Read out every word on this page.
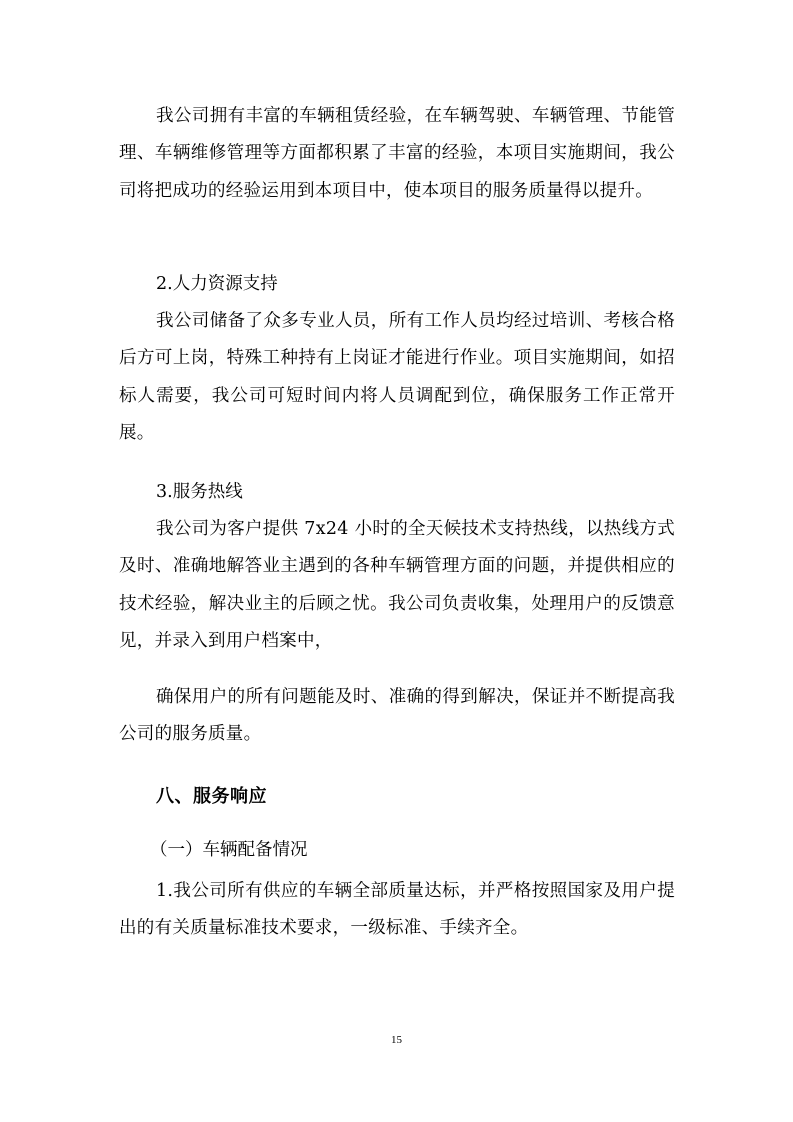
我公司拥有丰富的车辆租赁经验，在车辆驾驶、车辆管理、节能管理、车辆维修管理等方面都积累了丰富的经验，本项目实施期间，我公司将把成功的经验运用到本项目中，使本项目的服务质量得以提升。

2.人力资源支持

我公司储备了众多专业人员，所有工作人员均经过培训、考核合格后方可上岗，特殊工种持有上岗证才能进行作业。项目实施期间，如招标人需要，我公司可短时间内将人员调配到位，确保服务工作正常开展。

3.服务热线

我公司为客户提供 7x24 小时的全天候技术支持热线，以热线方式及时、准确地解答业主遇到的各种车辆管理方面的问题，并提供相应的技术经验，解决业主的后顾之忧。我公司负责收集，处理用户的反馈意见，并录入到用户档案中，

确保用户的所有问题能及时、准确的得到解决，保证并不断提高我公司的服务质量。

八、服务响应

（一）车辆配备情况

1.我公司所有供应的车辆全部质量达标，并严格按照国家及用户提出的有关质量标准技术要求，一级标准、手续齐全。

15
